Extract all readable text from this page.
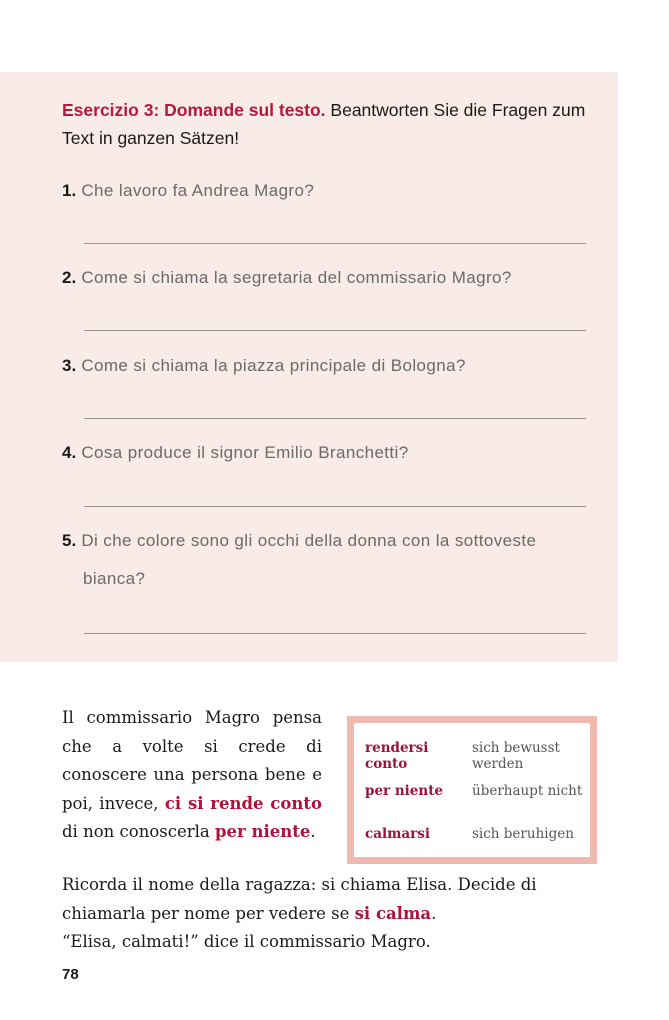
Esercizio 3: Domande sul testo. Beantworten Sie die Fragen zum Text in ganzen Sätzen!
1. Che lavoro fa Andrea Magro?
2. Come si chiama la segretaria del commissario Magro?
3. Come si chiama la piazza principale di Bologna?
4. Cosa produce il signor Emilio Branchetti?
5. Di che colore sono gli occhi della donna con la sottoveste
bianca?
Il commissario Magro pensa che a volte si crede di conoscere una persona bene e poi, invece, ci si rende conto di non conoscerla per niente.
rendersi conto
sich bewusst werden
per niente	überhaupt nicht
calmarsi	sich beruhigen
Ricorda il nome della ragazza: si chiama Elisa. Decide di chiamarla per nome per vedere se si calma.
“Elisa, calmati!” dice il commissario Magro.
78
